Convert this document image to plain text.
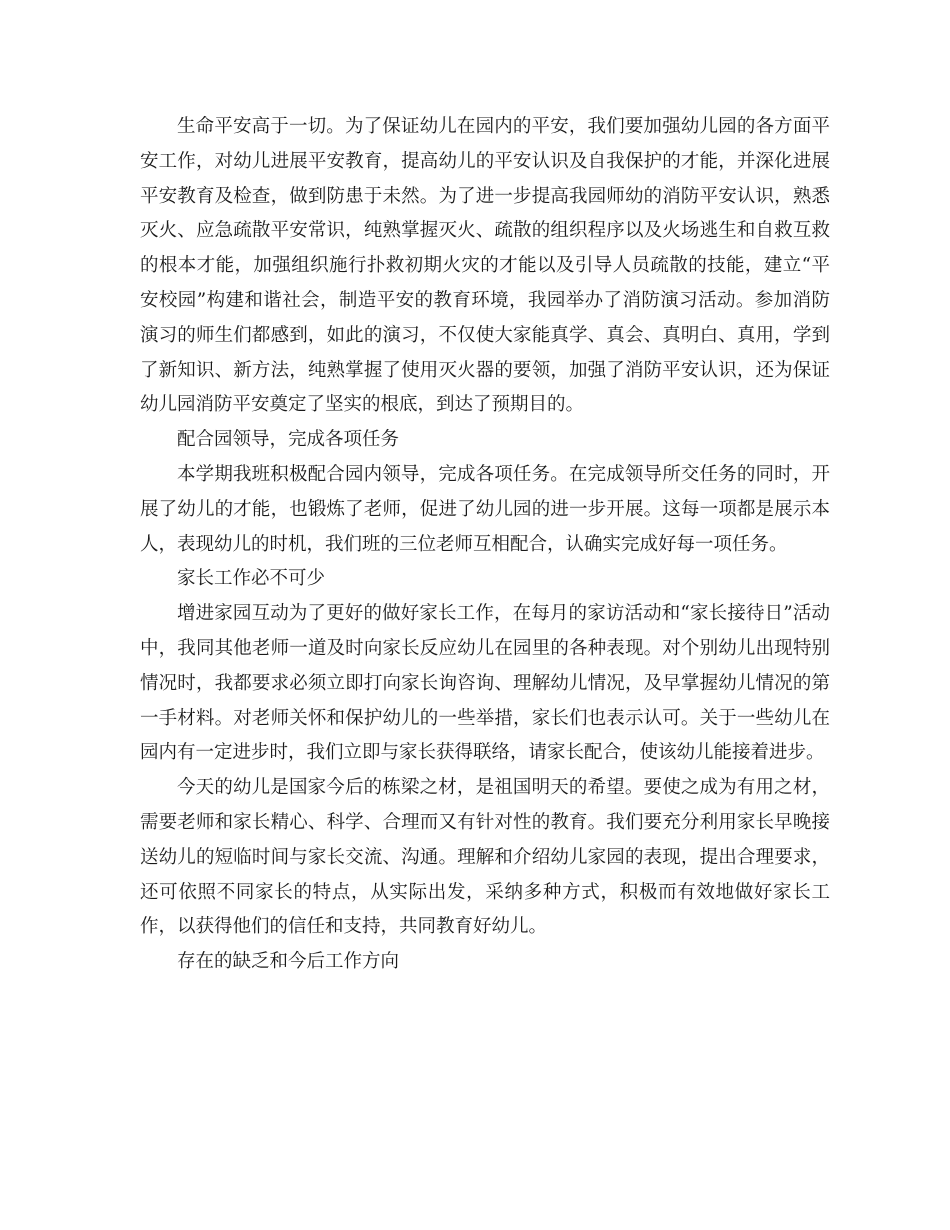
生命平安高于一切。为了保证幼儿在园内的平安，我们要加强幼儿园的各方面平安工作，对幼儿进展平安教育，提高幼儿的平安认识及自我保护的才能，并深化进展平安教育及检查，做到防患于未然。为了进一步提高我园师幼的消防平安认识，熟悉灭火、应急疏散平安常识，纯熟掌握灭火、疏散的组织程序以及火场逃生和自救互救的根本才能，加强组织施行扑救初期火灾的才能以及引导人员疏散的技能，建立“平安校园”构建和谐社会，制造平安的教育环境，我园举办了消防演习活动。参加消防演习的师生们都感到，如此的演习，不仅使大家能真学、真会、真明白、真用，学到了新知识、新方法，纯熟掌握了使用灭火器的要领，加强了消防平安认识，还为保证幼儿园消防平安奠定了坚实的根底，到达了预期目的。

配合园领导，完成各项任务

本学期我班积极配合园内领导，完成各项任务。在完成领导所交任务的同时，开展了幼儿的才能，也锻炼了老师，促进了幼儿园的进一步开展。这每一项都是展示本人，表现幼儿的时机，我们班的三位老师互相配合，认确实完成好每一项任务。

家长工作必不可少

增进家园互动为了更好的做好家长工作，在每月的家访活动和“家长接待日”活动中，我同其他老师一道及时向家长反应幼儿在园里的各种表现。对个别幼儿出现特别情况时，我都要求必须立即打向家长询咨询、理解幼儿情况，及早掌握幼儿情况的第一手材料。对老师关怀和保护幼儿的一些举措，家长们也表示认可。关于一些幼儿在园内有一定进步时，我们立即与家长获得联络，请家长配合，使该幼儿能接着进步。

今天的幼儿是国家今后的栋梁之材，是祖国明天的希望。要使之成为有用之材，需要老师和家长精心、科学、合理而又有针对性的教育。我们要充分利用家长早晚接送幼儿的短临时间与家长交流、沟通。理解和介绍幼儿家园的表现，提出合理要求，还可依照不同家长的特点，从实际出发，采纳多种方式，积极而有效地做好家长工作，以获得他们的信任和支持，共同教育好幼儿。

存在的缺乏和今后工作方向
